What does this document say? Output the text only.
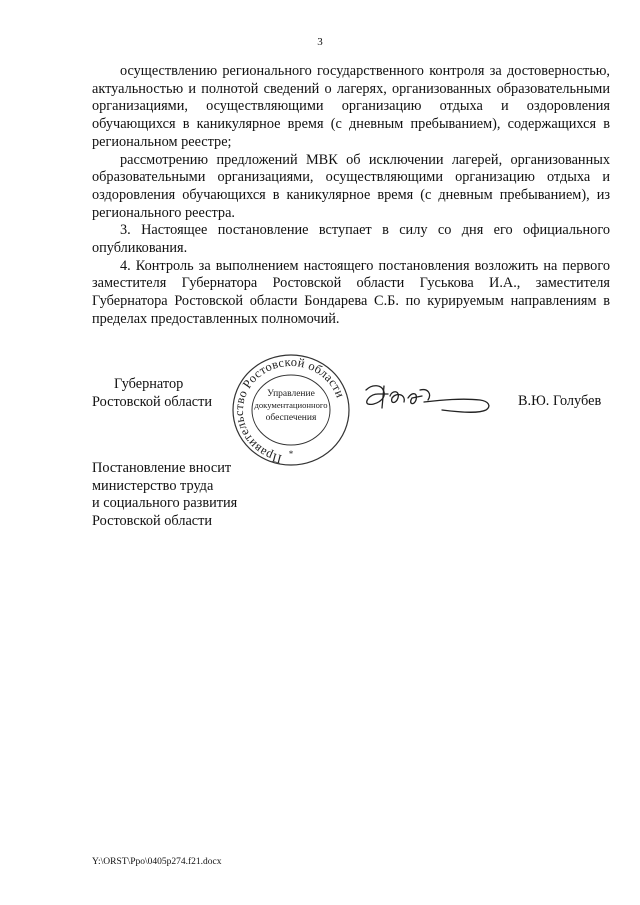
3

осуществлению регионального государственного контроля за достоверностью, актуальностью и полнотой сведений о лагерях, организованных образовательными организациями, осуществляющими организацию отдыха и оздоровления обучающихся в каникулярное время (с дневным пребыванием), содержащихся в региональном реестре;

рассмотрению предложений МВК об исключении лагерей, организованных образовательными организациями, осуществляющими организацию отдыха и оздоровления обучающихся в каникулярное время (с дневным пребыванием), из регионального реестра.

3. Настоящее постановление вступает в силу со дня его официального опубликования.

4. Контроль за выполнением настоящего постановления возложить на первого заместителя Губернатора Ростовской области Гуськова И.А., заместителя Губернатора Ростовской области Бондарева С.Б. по курируемым направлениям в пределах предоставленных полномочий.

Губернатор
Ростовской области
Правительство Ростовской области
Управление
документационного
обеспечения
*
В.Ю. Голубев
Постановление вносит
министерство труда
и социального развития
Ростовской области
Y:\ORST\Ppo\0405p274.f21.docx
